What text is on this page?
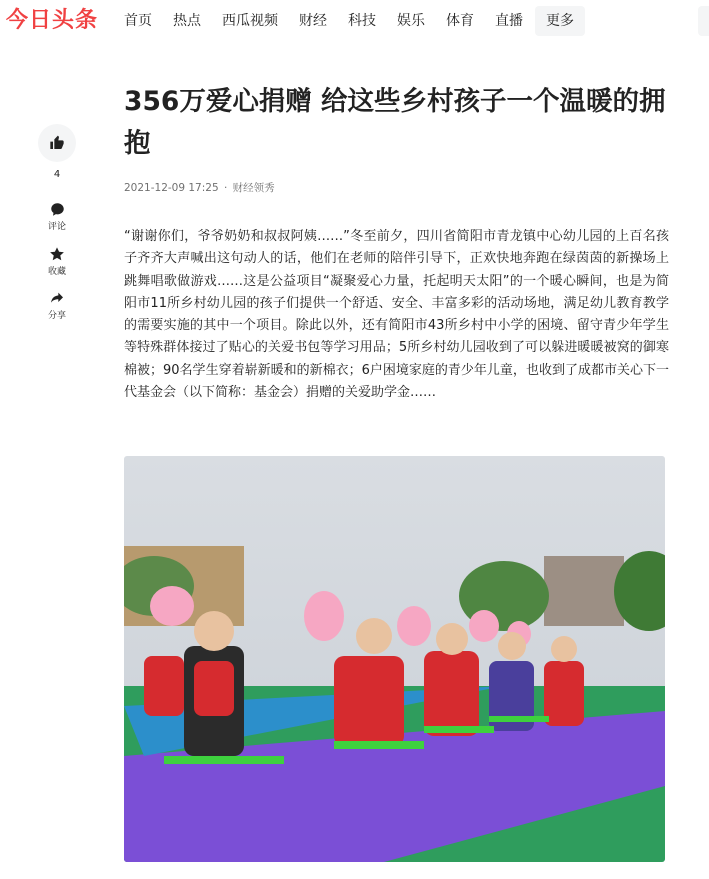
今日头条 首页 热点 西瓜视频 财经 科技 娱乐 体育 直播	更多
4
评论
收藏
分享
356万爱心捐赠 给这些乡村孩子一个温暖的拥抱
2021-12-09 17:25 · 财经领秀

“谢谢你们，爷爷奶奶和叔叔阿姨……”冬至前夕，四川省简阳市青龙镇中心幼儿园的上百名孩子齐齐大声喊出这句动人的话，他们在老师的陪伴引导下，正欢快地奔跑在绿茵茵的新操场上跳舞唱歌做游戏……这是公益项目“凝聚爱心力量，托起明天太阳”的一个暖心瞬间，也是为简阳市11所乡村幼儿园的孩子们提供一个舒适、安全、丰富多彩的活动场地，满足幼儿教育教学的需要实施的其中一个项目。除此以外，还有简阳市43所乡村中小学的困境、留守青少年学生等特殊群体接过了贴心的关爱书包等学习用品；5所乡村幼儿园收到了可以躲进暖暖被窝的御寒棉被；90名学生穿着崭新暖和的新棉衣；6户困境家庭的青少年儿童，也收到了成都市关心下一代基金会（以下简称：基金会）捐赠的关爱助学金……
